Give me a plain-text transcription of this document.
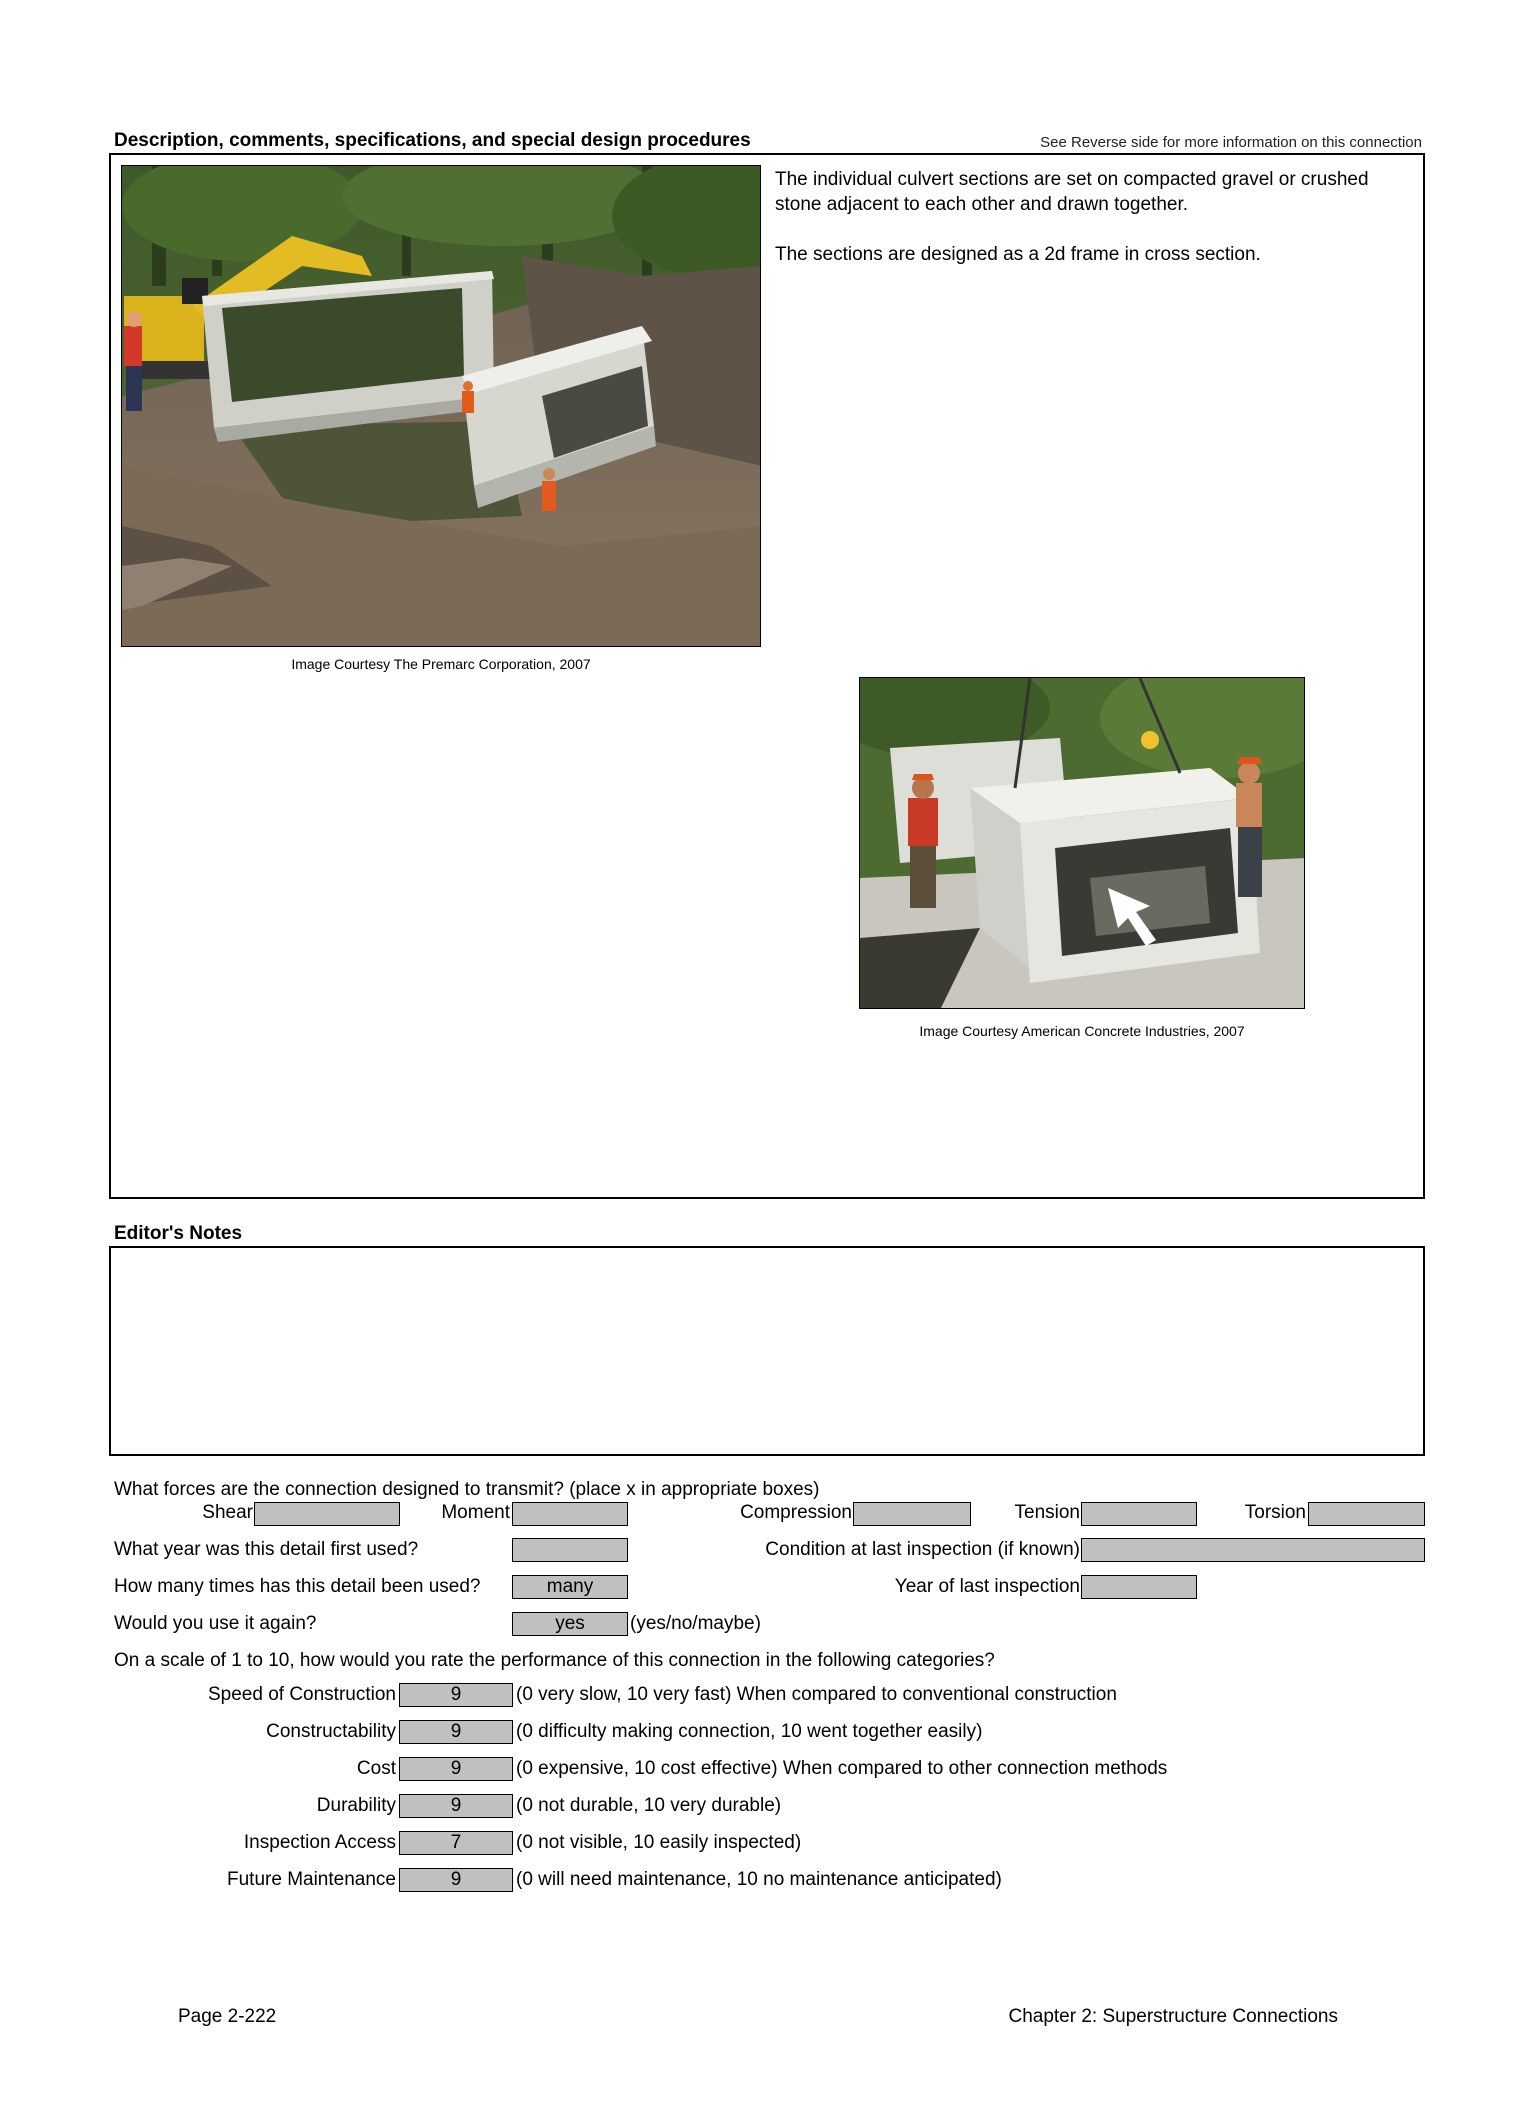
Description, comments, specifications, and special design procedures	See Reverse side for more information on this connection
Image Courtesy The Premarc Corporation, 2007
The individual culvert sections are set on compacted gravel or crushed stone adjacent to each other and drawn together.
The sections are designed as a 2d frame in cross section.
Image Courtesy American Concrete Industries, 2007
Editor's Notes
What forces are the connection designed to transmit? (place x in appropriate boxes)
Shear	Moment	Compression	Tension	Torsion
What year was this detail first used?	Condition at last inspection (if known)
How many times has this detail been used?	many	Year of last inspection
Would you use it again?	yes	(yes/no/maybe)
On a scale of 1 to 10, how would you rate the performance of this connection in the following categories?
Speed of Construction	9	(0 very slow, 10 very fast) When compared to conventional construction
Constructability	9	(0 difficulty making connection, 10 went together easily)
Cost	9	(0 expensive, 10 cost effective) When compared to other connection methods
Durability	9	(0 not durable, 10 very durable)
Inspection Access	7	(0 not visible, 10 easily inspected)
Future Maintenance	9	(0 will need maintenance, 10 no maintenance anticipated)
Page 2-222	Chapter 2: Superstructure Connections
